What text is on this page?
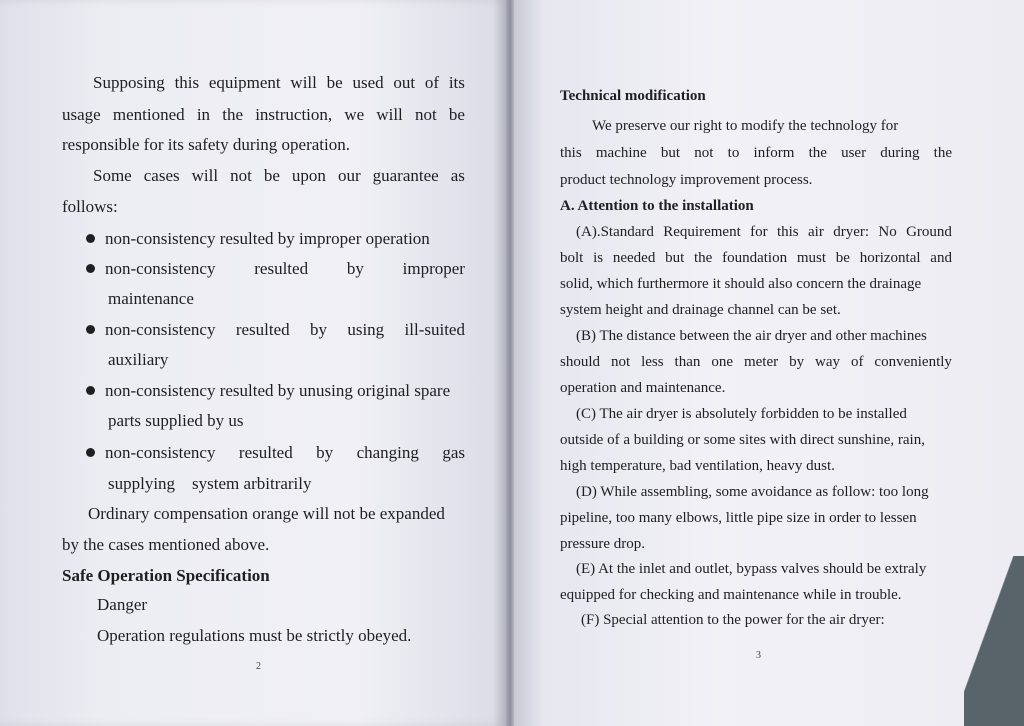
Supposing this equipment will be used out of its
usage mentioned in the instruction, we will not be
responsible for its safety during operation.
Some cases will not be upon our guarantee as
follows:
non-consistency resulted by improper operation
non-consistency resulted by improper
maintenance
non-consistency resulted by using ill-suited
auxiliary
non-consistency resulted by unusing original spare
parts supplied by us
non-consistency resulted by changing gas
supplying    system arbitrarily
Ordinary compensation orange will not be expanded
by the cases mentioned above.
Safe Operation Specification
Danger
Operation regulations must be strictly obeyed.
2
Technical modification
We preserve our right to modify the technology for
this machine but not to inform the user during the
product technology improvement process.
A. Attention to the installation
(A).Standard Requirement for this air dryer: No Ground
bolt is needed but the foundation must be horizontal and
solid, which furthermore it should also concern the drainage
system height and drainage channel can be set.
(B) The distance between the air dryer and other machines
should not less than one meter by way of conveniently
operation and maintenance.
(C) The air dryer is absolutely forbidden to be installed
outside of a building or some sites with direct sunshine, rain,
high temperature, bad ventilation, heavy dust.
(D) While assembling, some avoidance as follow: too long
pipeline, too many elbows, little pipe size in order to lessen
pressure drop.
(E) At the inlet and outlet, bypass valves should be extraly
equipped for checking and maintenance while in trouble.
(F) Special attention to the power for the air dryer:
3
